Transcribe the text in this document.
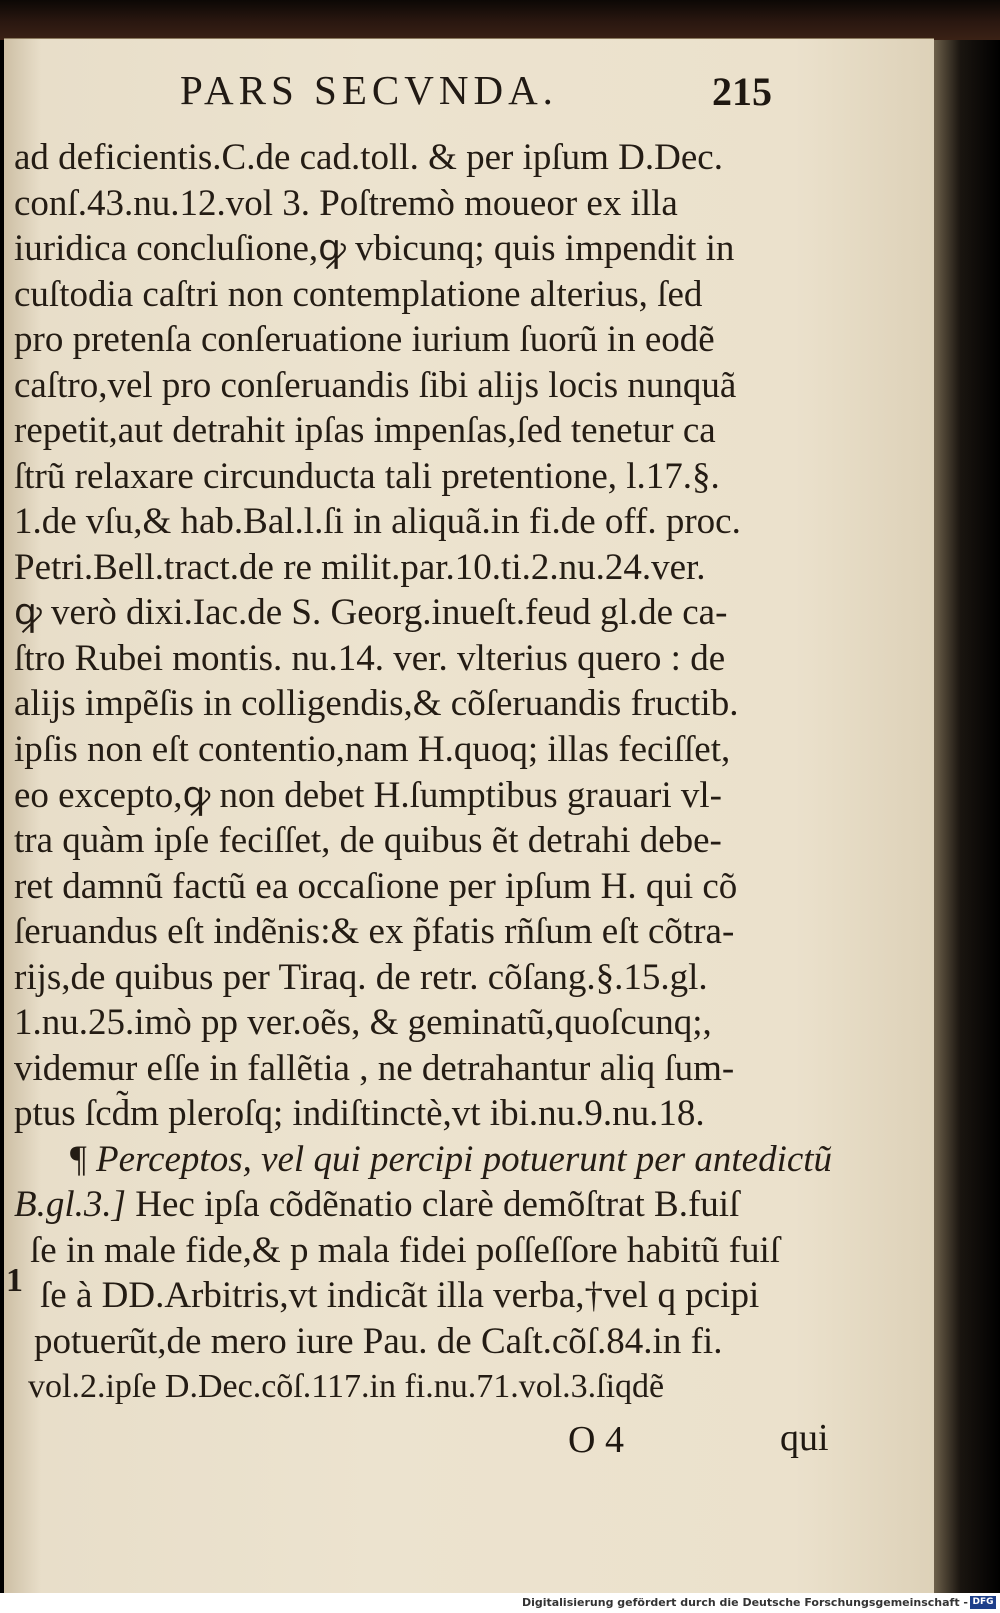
PARS SECVNDA.	215
ad deficientis.C.de cad.toll. & per ipſum D.Dec.
conſ.43.nu.12.vol 3. Poſtremò moueor ex illa
iuridica concluſione,ꝙ vbicunq; quis impendit in
cuſtodia caſtri non contemplatione alterius, ſed
pro pretenſa conſeruatione iurium ſuorũ in eodẽ
caſtro,vel pro conſeruandis ſibi alijs locis nunquã
repetit,aut detrahit ipſas impenſas,ſed tenetur ca
ſtrũ relaxare circunducta tali pretentione, l.17.§.
1.de vſu,& hab.Bal.l.ſi in aliquã.in fi.de off. proc.
Petri.Bell.tract.de re milit.par.10.ti.2.nu.24.ver.
ꝙ verò dixi.Iac.de S. Georg.inueſt.feud gl.de ca-
ſtro Rubei montis. nu.14. ver. vlterius quero : de
alijs impẽſis in colligendis,& cõſeruandis fructib.
ipſis non eſt contentio,nam H.quoq; illas feciſſet,
eo excepto,ꝙ non debet H.ſumptibus grauari vl-
tra quàm ipſe feciſſet, de quibus ẽt detrahi debe-
ret damnũ factũ ea occaſione per ipſum H. qui cõ
ſeruandus eſt indẽnis:& ex p̃fatis rñſum eſt cõtra-
rijs,de quibus per Tiraq. de retr. cõſang.§.15.gl.
1.nu.25.imò pp ver.oẽs, & geminatũ,quoſcunq;,
videmur eſſe in fallẽtia , ne detrahantur aliq ſum-
ptus ſcd̃m pleroſq; indiſtinctè,vt ibi.nu.9.nu.18.
¶ Perceptos, vel qui percipi potuerunt per antedictũ
B.gl.3.] Hec ipſa cõdẽnatio clarè demõſtrat B.fuiſ
ſe in male fide,& p mala fidei poſſeſſore habitũ fuiſ
ſe à DD.Arbitris,vt indicãt illa verba,†vel q pcipi
potuerũt,de mero iure Pau. de Caſt.cõſ.84.in fi.
vol.2.ipſe D.Dec.cõſ.117.in fi.nu.71.vol.3.ſiqdẽ
1
O 4	qui
Digitalisierung gefördert durch die Deutsche Forschungsgemeinschaft - DFG
